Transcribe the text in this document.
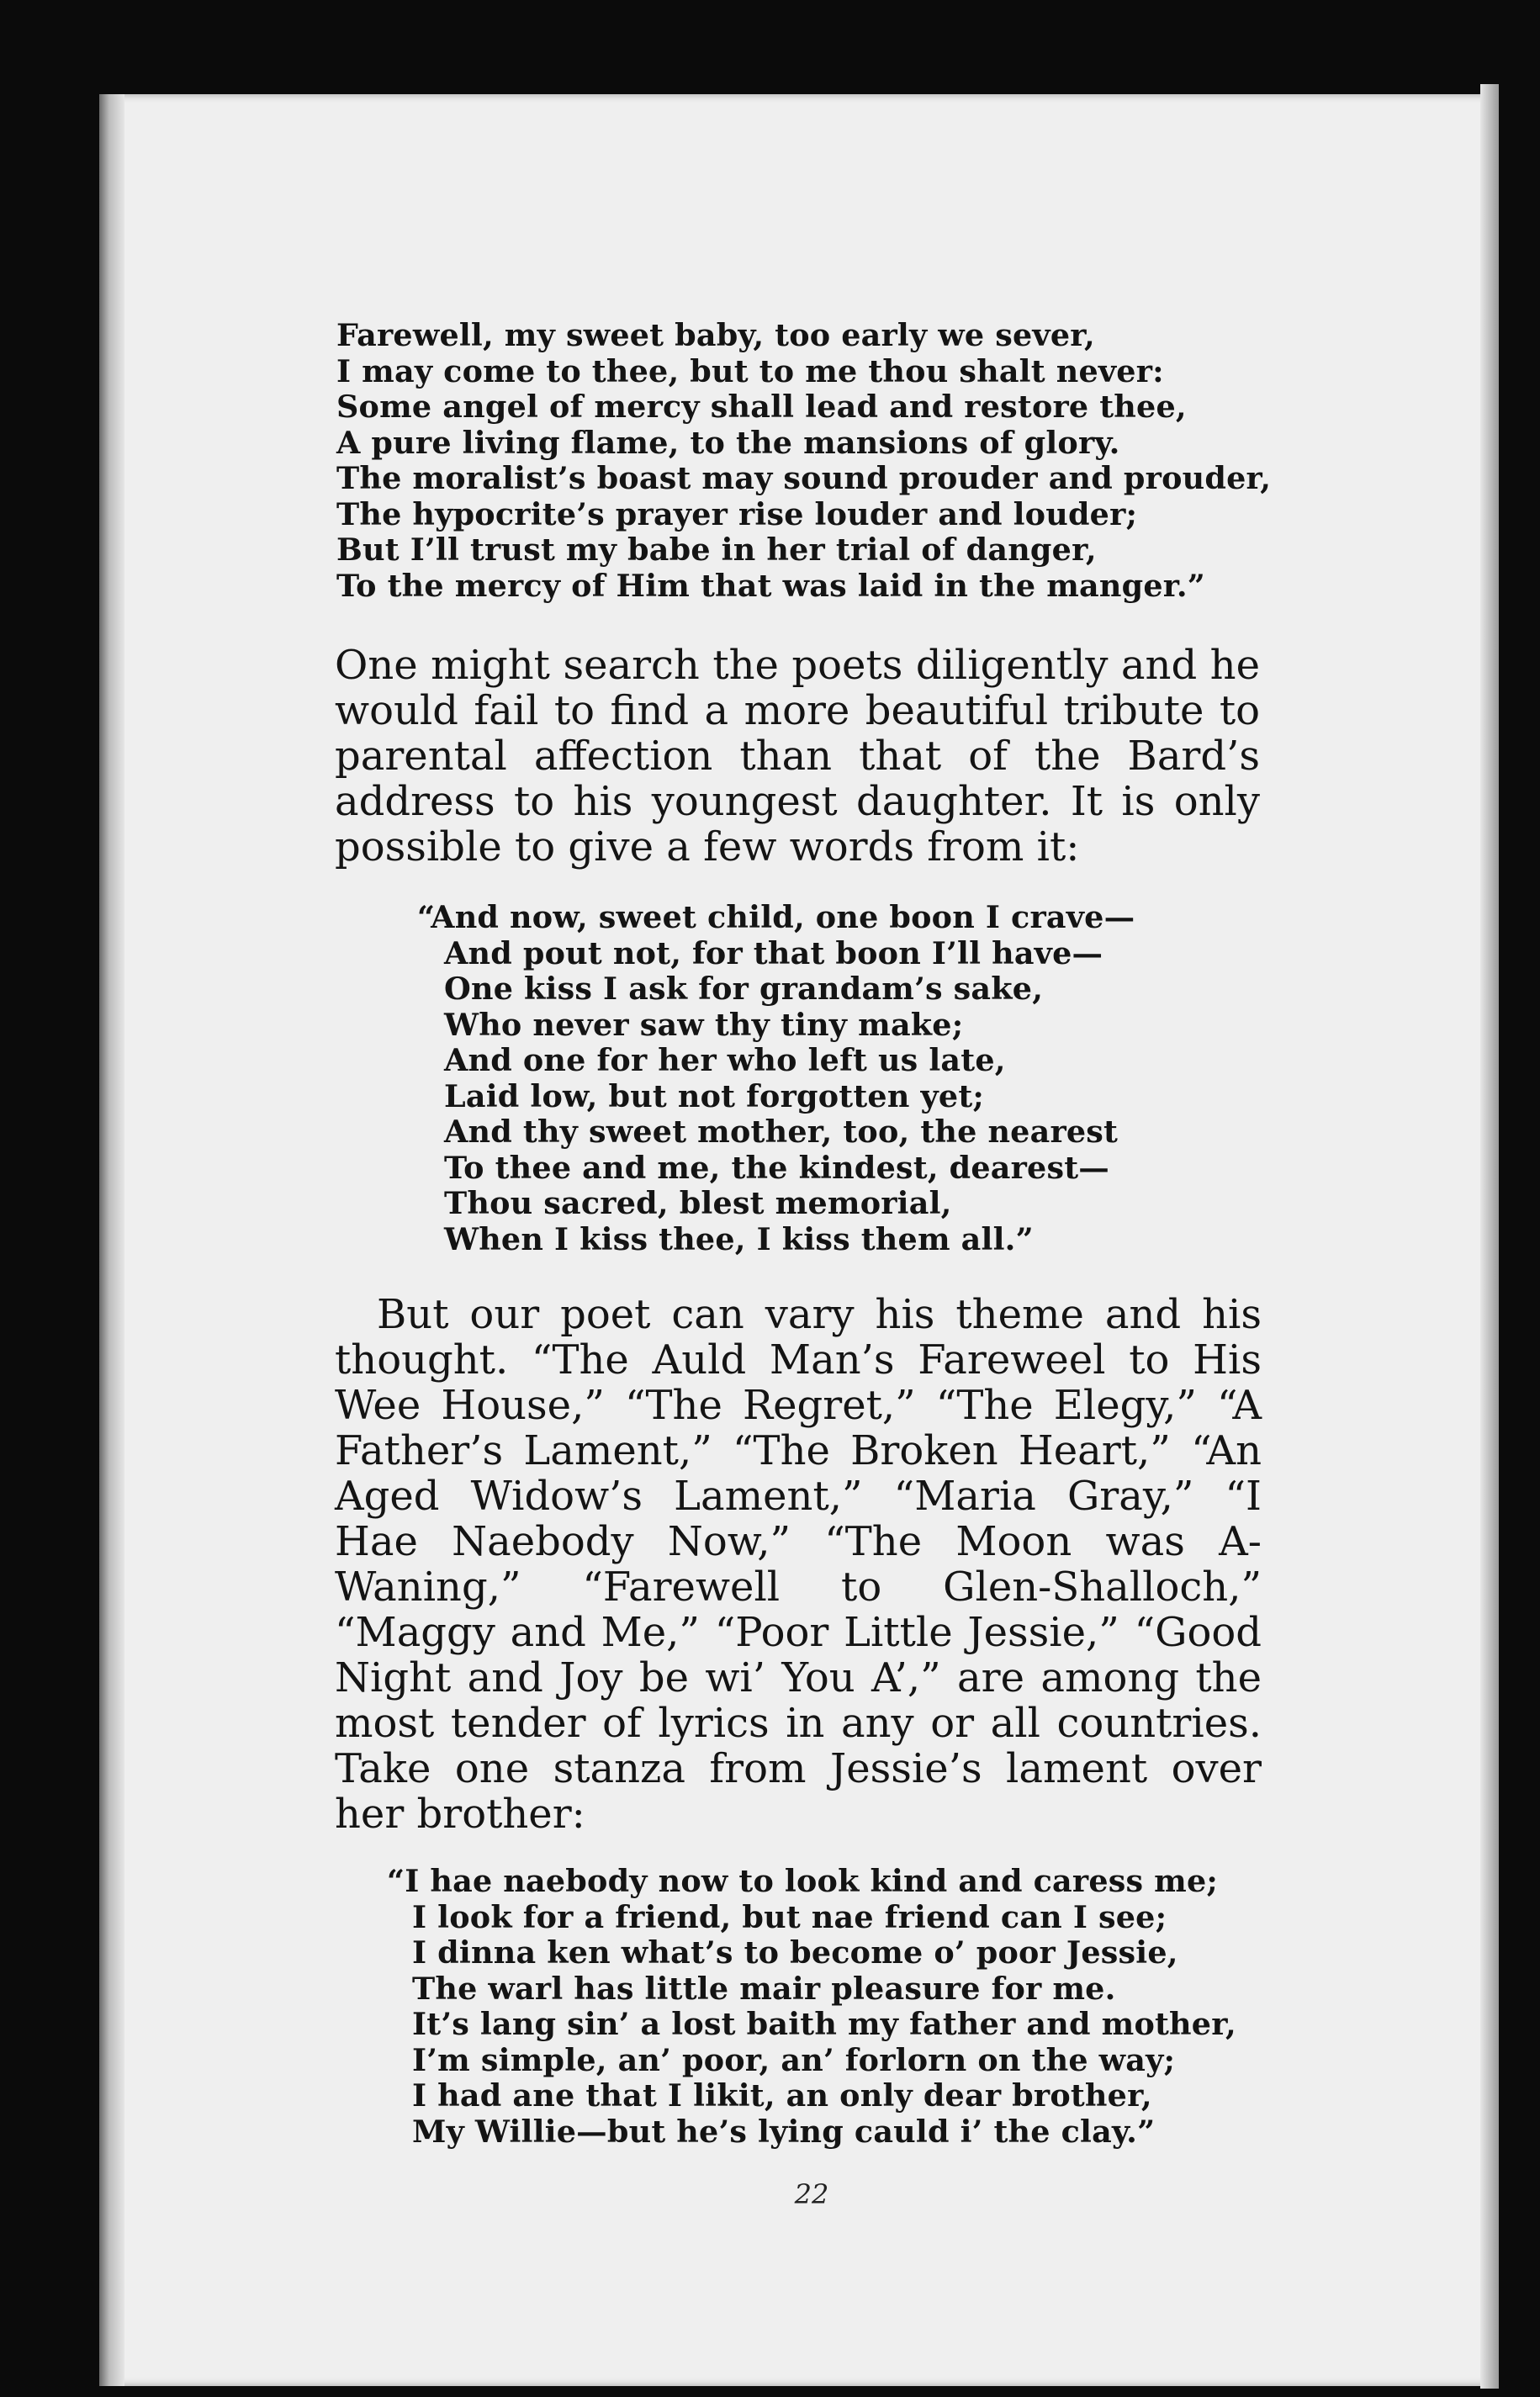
Farewell, my sweet baby, too early we sever,
I may come to thee, but to me thou shalt never:
Some angel of mercy shall lead and restore thee,
A pure living flame, to the mansions of glory.
The moralist’s boast may sound prouder and prouder,
The hypocrite’s prayer rise louder and louder;
But I’ll trust my babe in her trial of danger,
To the mercy of Him that was laid in the manger.”

One might search the poets diligently and he would fail to find a more beautiful tribute to parental affection than that of the Bard’s address to his youngest daughter. It is only possible to give a few words from it:

“And now, sweet child, one boon I crave—
And pout not, for that boon I’ll have—
One kiss I ask for grandam’s sake,
Who never saw thy tiny make;
And one for her who left us late,
Laid low, but not forgotten yet;
And thy sweet mother, too, the nearest
To thee and me, the kindest, dearest—
Thou sacred, blest memorial,
When I kiss thee, I kiss them all.”

But our poet can vary his theme and his thought. “The Auld Man’s Fareweel to His Wee House,” “The Regret,” “The Elegy,” “A Father’s Lament,” “The Broken Heart,” “An Aged Widow’s Lament,” “Maria Gray,” “I Hae Naebody Now,” “The Moon was A-Waning,” “Farewell to Glen-Shalloch,” “Maggy and Me,” “Poor Little Jessie,” “Good Night and Joy be wi’ You A’,” are among the most tender of lyrics in any or all countries. Take one stanza from Jessie’s lament over her brother:

“I hae naebody now to look kind and caress me;
I look for a friend, but nae friend can I see;
I dinna ken what’s to become o’ poor Jessie,
The warl has little mair pleasure for me.
It’s lang sin’ a lost baith my father and mother,
I’m simple, an’ poor, an’ forlorn on the way;
I had ane that I likit, an only dear brother,
My Willie—but he’s lying cauld i’ the clay.”
22
